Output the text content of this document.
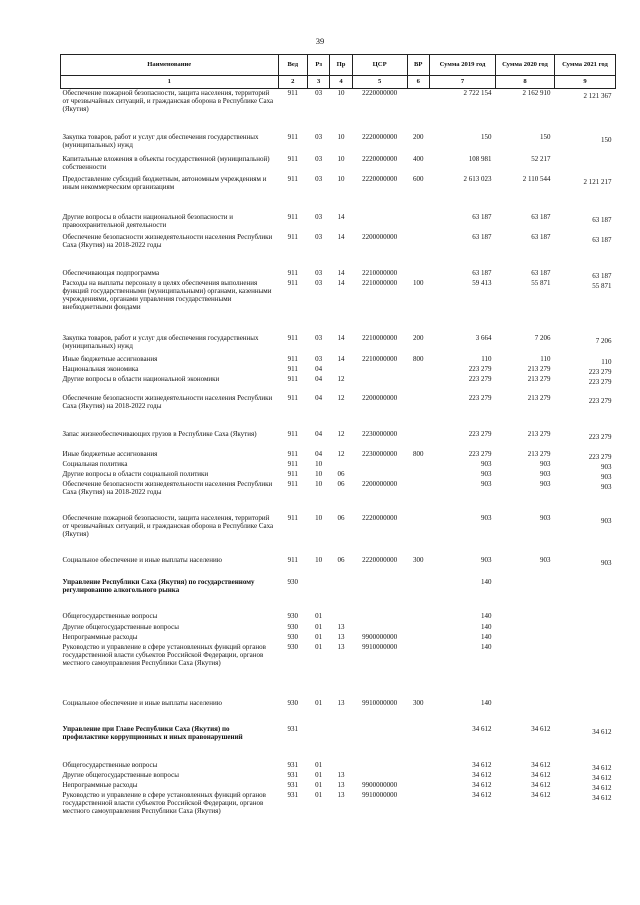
39
Наименование	Вед	Рз	Пр	ЦСР	ВР	Сумма 2019 год	Сумма 2020 год	Сумма 2021 год
1	2	3	4	5	6	7	8	9
Обеспечение пожарной безопасности, защита населения, территорий от чрезвычайных ситуаций, и гражданская оборона в Республике Саха (Якутия)	911	03	10	2220000000		2 722 154	2 162 910	2 121 367
Закупка товаров, работ и услуг для обеспечения государственных (муниципальных) нужд	911	03	10	2220000000	200	150	150	150
Капитальные вложения в объекты государственной (муниципальной) собственности	911	03	10	2220000000	400	108 981	52 217	
Предоставление субсидий бюджетным, автономным учреждениям и иным некоммерческим организациям	911	03	10	2220000000	600	2 613 023	2 110 544	2 121 217
Другие вопросы в области национальной безопасности и правоохранительной деятельности	911	03	14			63 187	63 187	63 187
Обеспечение безопасности жизнедеятельности населения Республики Саха (Якутия) на 2018-2022 годы	911	03	14	2200000000		63 187	63 187	63 187
Обеспечивающая подпрограмма	911	03	14	2210000000		63 187	63 187	63 187
Расходы на выплаты персоналу в целях обеспечения выполнения функций государственными (муниципальными) органами, казенными учреждениями, органами управления государственными внебюджетными фондами	911	03	14	2210000000	100	59 413	55 871	55 871
Закупка товаров, работ и услуг для обеспечения государственных (муниципальных) нужд	911	03	14	2210000000	200	3 664	7 206	7 206
Иные бюджетные ассигнования	911	03	14	2210000000	800	110	110	110
Национальная экономика	911	04				223 279	213 279	223 279
Другие вопросы в области национальной экономики	911	04	12			223 279	213 279	223 279
Обеспечение безопасности жизнедеятельности населения Республики Саха (Якутия) на 2018-2022 годы	911	04	12	2200000000		223 279	213 279	223 279
Запас жизнеобеспечивающих грузов в Республике Саха (Якутия)	911	04	12	2230000000		223 279	213 279	223 279
Иные бюджетные ассигнования	911	04	12	2230000000	800	223 279	213 279	223 279
Социальная политика	911	10				903	903	903
Другие вопросы в области социальной политики	911	10	06			903	903	903
Обеспечение безопасности жизнедеятельности населения Республики Саха (Якутия) на 2018-2022 годы	911	10	06	2200000000		903	903	903
Обеспечение пожарной безопасности, защита населения, территорий от чрезвычайных ситуаций, и гражданская оборона в Республике Саха (Якутия)	911	10	06	2220000000		903	903	903
Социальное обеспечение и иные выплаты населению	911	10	06	2220000000	300	903	903	903
Управление Республики Саха (Якутия) по государственному регулированию алкогольного рынка	930					140		
Общегосударственные вопросы	930	01				140		
Другие общегосударственные вопросы	930	01	13			140		
Непрограммные расходы	930	01	13	9900000000		140		
Руководство и управление в сфере установленных функций органов государственной власти субъектов Российской Федерации, органов местного самоуправления Республики Саха (Якутия)	930	01	13	9910000000		140		
Социальное обеспечение и иные выплаты населению	930	01	13	9910000000	300	140		
Управление при Главе Республики Саха (Якутия) по профилактике коррупционных и иных правонарушений	931					34 612	34 612	34 612
Общегосударственные вопросы	931	01				34 612	34 612	34 612
Другие общегосударственные вопросы	931	01	13			34 612	34 612	34 612
Непрограммные расходы	931	01	13	9900000000		34 612	34 612	34 612
Руководство и управление в сфере установленных функций органов государственной власти субъектов Российской Федерации, органов местного самоуправления Республики Саха (Якутия)	931	01	13	9910000000		34 612	34 612	34 612
